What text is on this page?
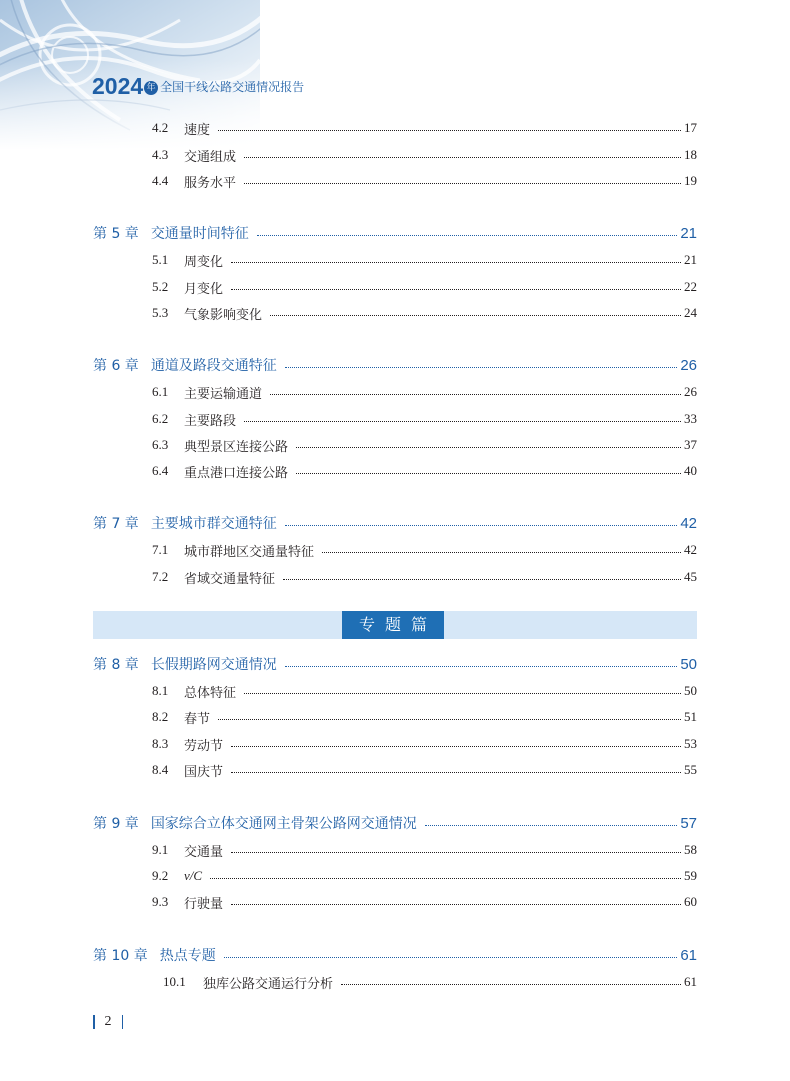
2024 年 全国干线公路交通情况报告
4.2	速度	17
4.3	交通组成	18
4.4	服务水平	19
第 5 章 交通量时间特征	21
5.1	周变化	21
5.2	月变化	22
5.3	气象影响变化	24
第 6 章 通道及路段交通特征	26
6.1	主要运输通道	26
6.2	主要路段	33
6.3	典型景区连接公路	37
6.4	重点港口连接公路	40
第 7 章 主要城市群交通特征	42
7.1	城市群地区交通量特征	42
7.2	省域交通量特征	45
第 8 章 长假期路网交通情况	50
8.1	总体特征	50
8.2	春节	51
8.3	劳动节	53
8.4	国庆节	55
第 9 章 国家综合立体交通网主骨架公路网交通情况	57
9.1	交通量	58
9.2	v/C	59
9.3	行驶量	60
第 10 章 热点专题	61
10.1	独库公路交通运行分析	61
专题篇
2
